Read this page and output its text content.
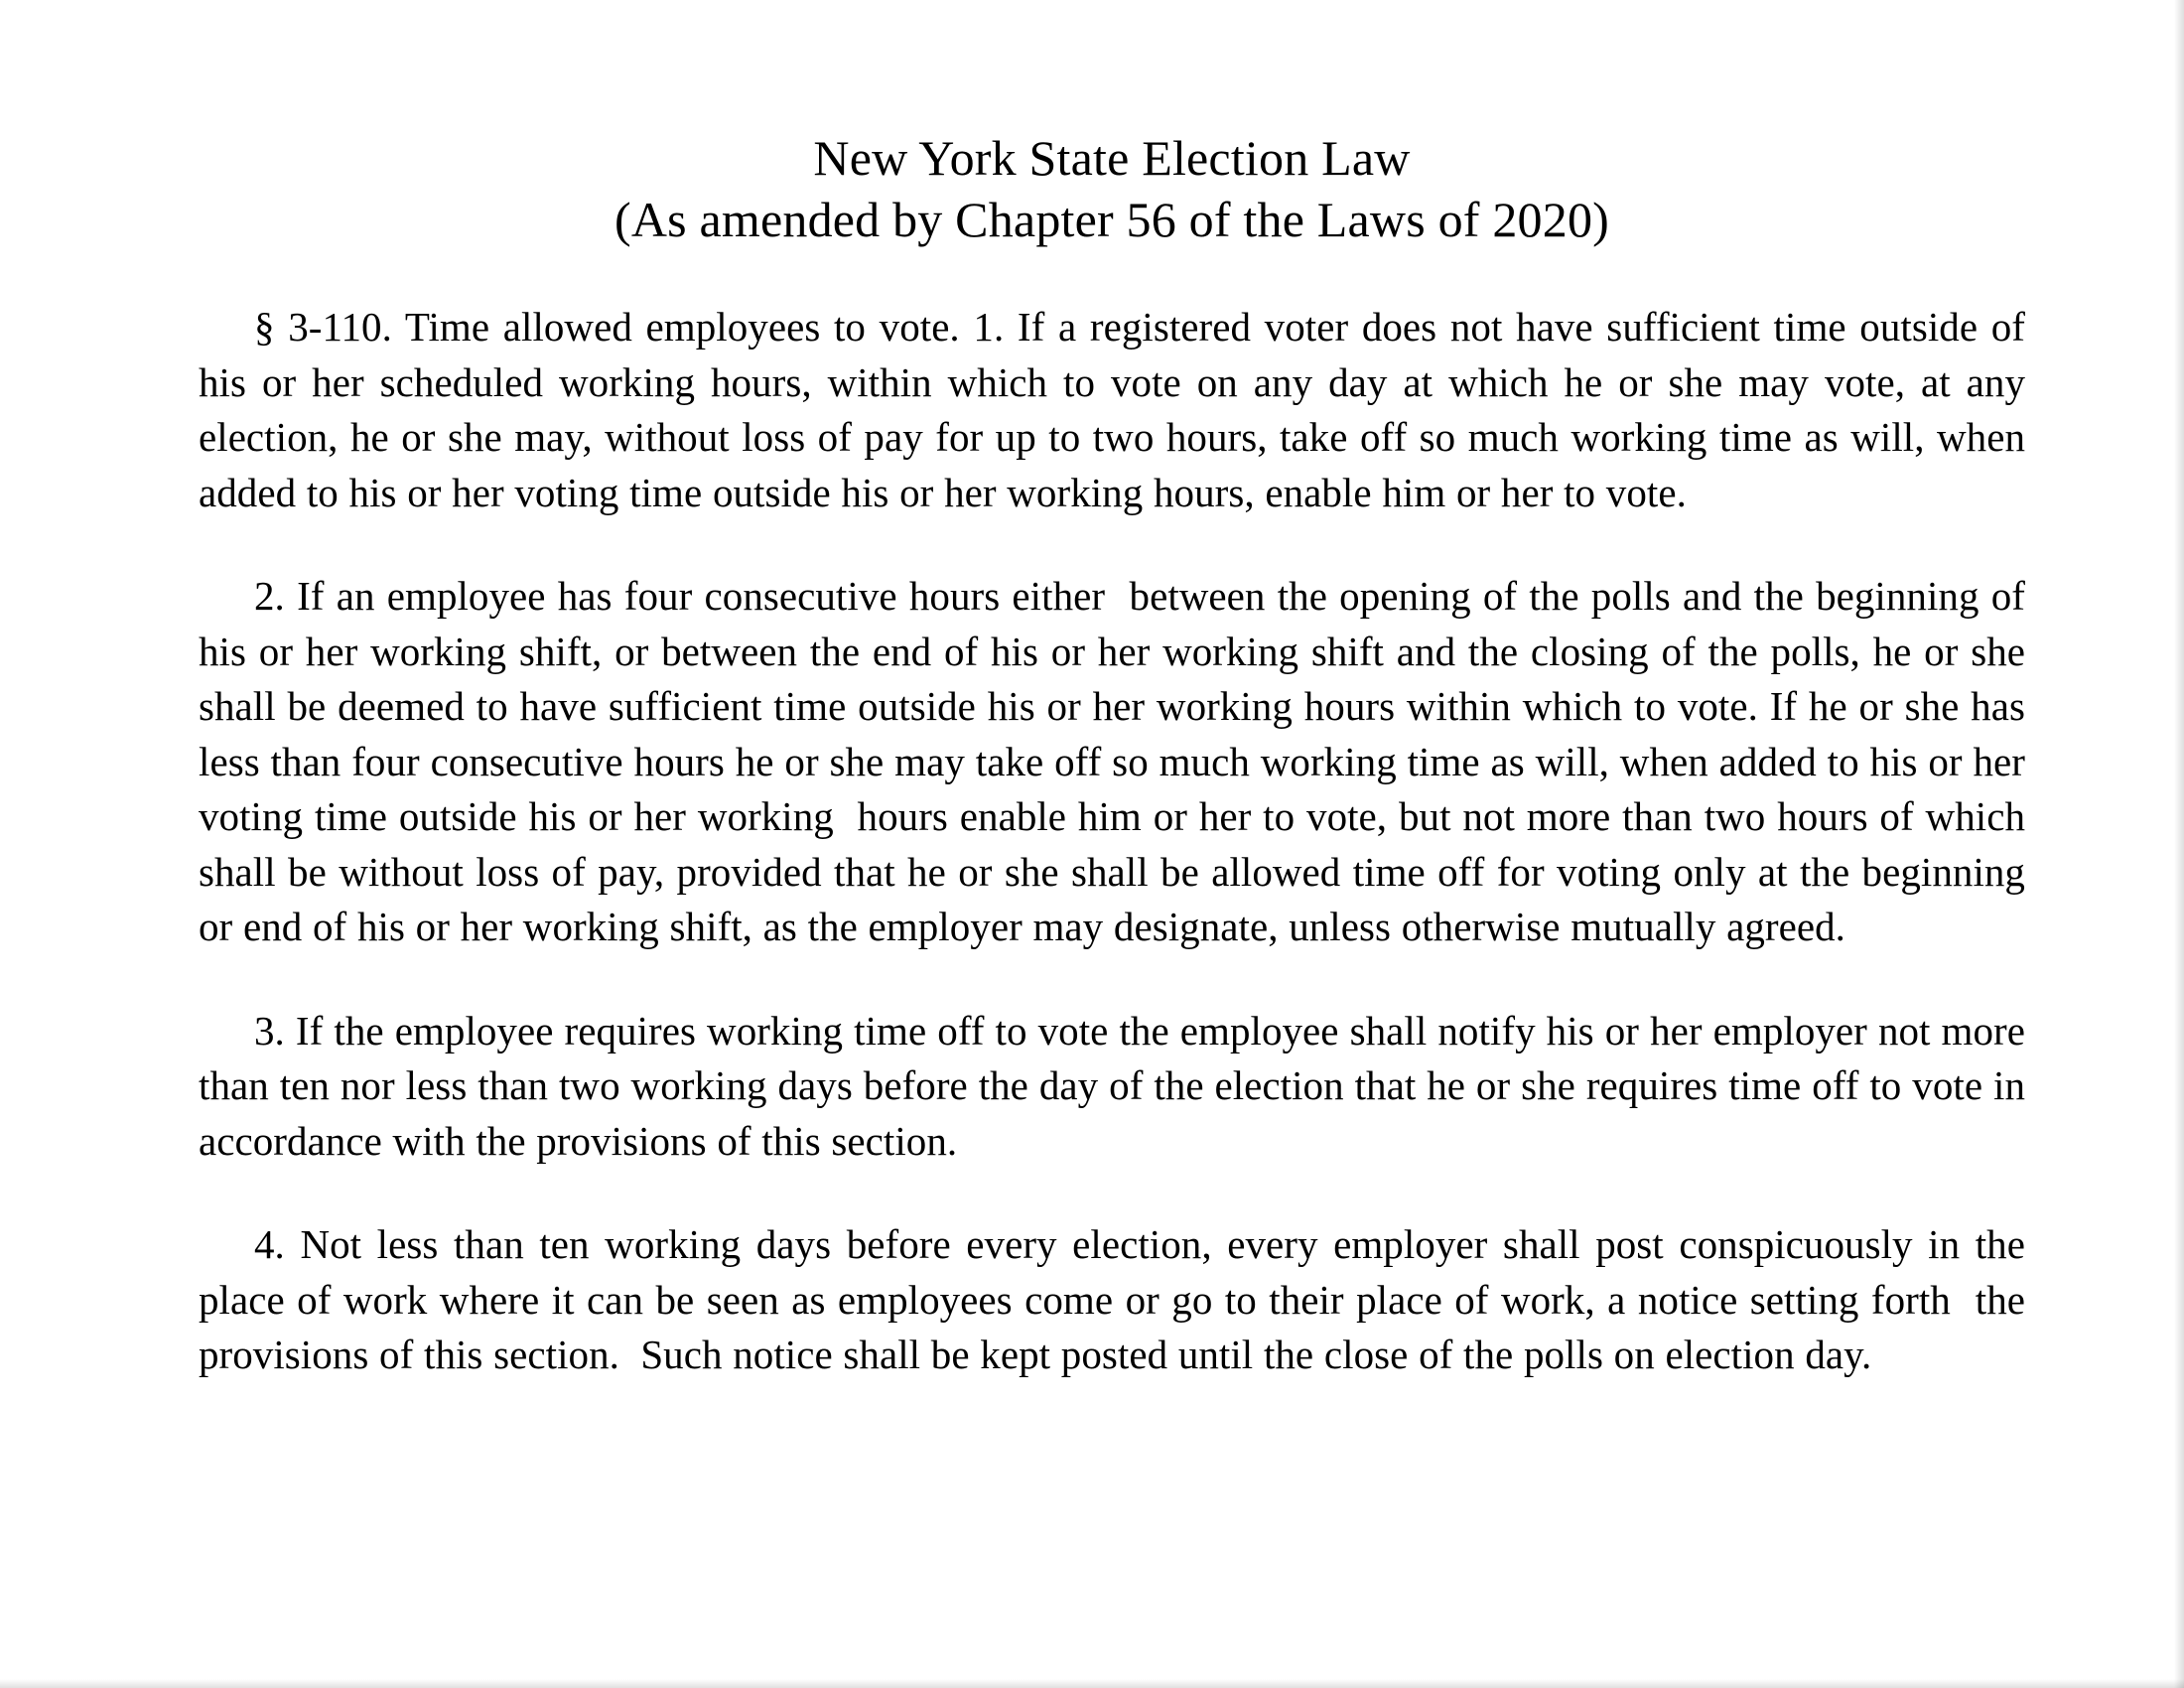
New York State Election Law
(As amended by Chapter 56 of the Laws of 2020)

§ 3-110. Time allowed employees to vote. 1. If a registered voter does not have sufficient time outside of his or her scheduled working hours, within which to vote on any day at which he or she may vote, at any election, he or she may, without loss of pay for up to two hours, take off so much working time as will, when added to his or her voting time outside his or her working hours, enable him or her to vote.

2. If an employee has four consecutive hours either  between the opening of the polls and the beginning of his or her working shift, or between the end of his or her working shift and the closing of the polls, he or she shall be deemed to have sufficient time outside his or her working hours within which to vote. If he or she has less than four consecutive hours he or she may take off so much working time as will, when added to his or her voting time outside his or her working  hours enable him or her to vote, but not more than two hours of which shall be without loss of pay, provided that he or she shall be allowed time off for voting only at the beginning or end of his or her working shift, as the employer may designate, unless otherwise mutually agreed.

3. If the employee requires working time off to vote the employee shall notify his or her employer not more than ten nor less than two working days before the day of the election that he or she requires time off to vote in accordance with the provisions of this section.

4. Not less than ten working days before every election, every employer shall post conspicuously in the place of work where it can be seen as employees come or go to their place of work, a notice setting forth  the provisions of this section.  Such notice shall be kept posted until the close of the polls on election day.
